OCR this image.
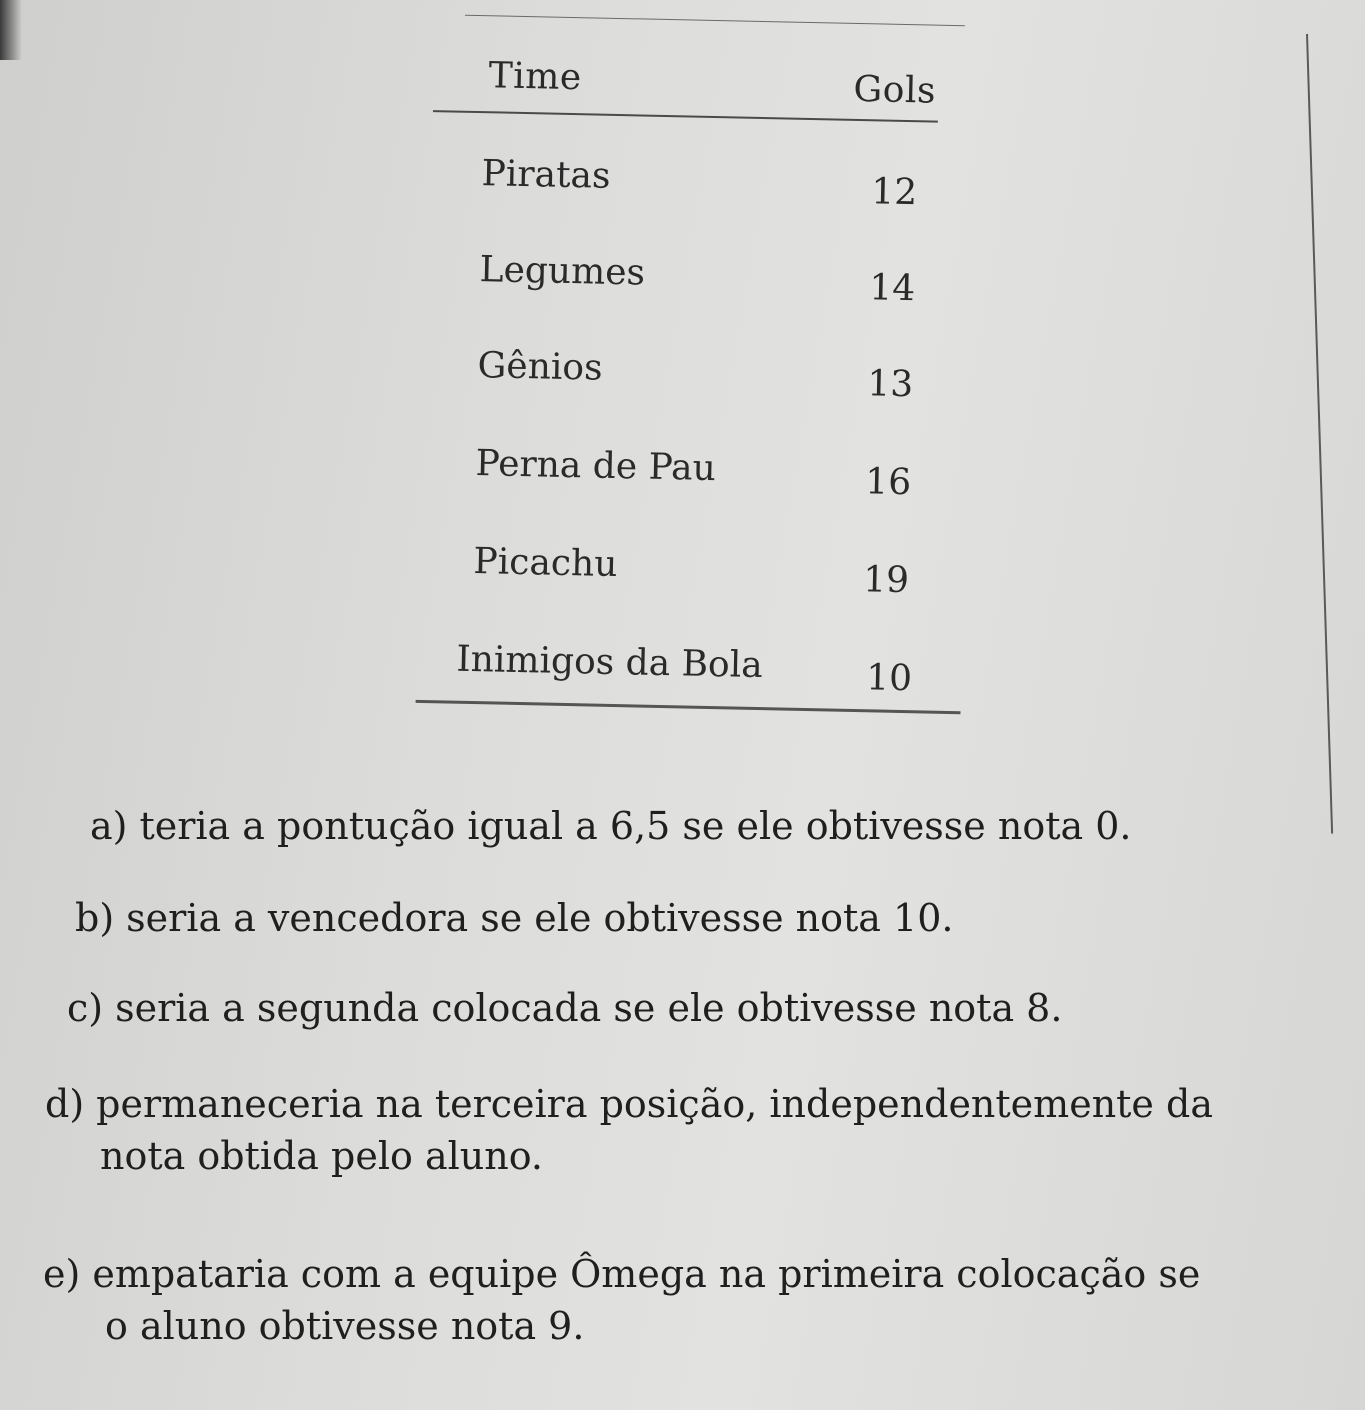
Time	Gols
Piratas	12
Legumes	14
Gênios	13
Perna de Pau	16
Picachu	19
Inimigos da Bola	10
a) teria a pontução igual a 6,5 se ele obtivesse nota 0.
b) seria a vencedora se ele obtivesse nota 10.
c) seria a segunda colocada se ele obtivesse nota 8.
d) permaneceria na terceira posição, independentemente da
nota obtida pelo aluno.
e) empataria com a equipe Ômega na primeira colocação se
o aluno obtivesse nota 9.
